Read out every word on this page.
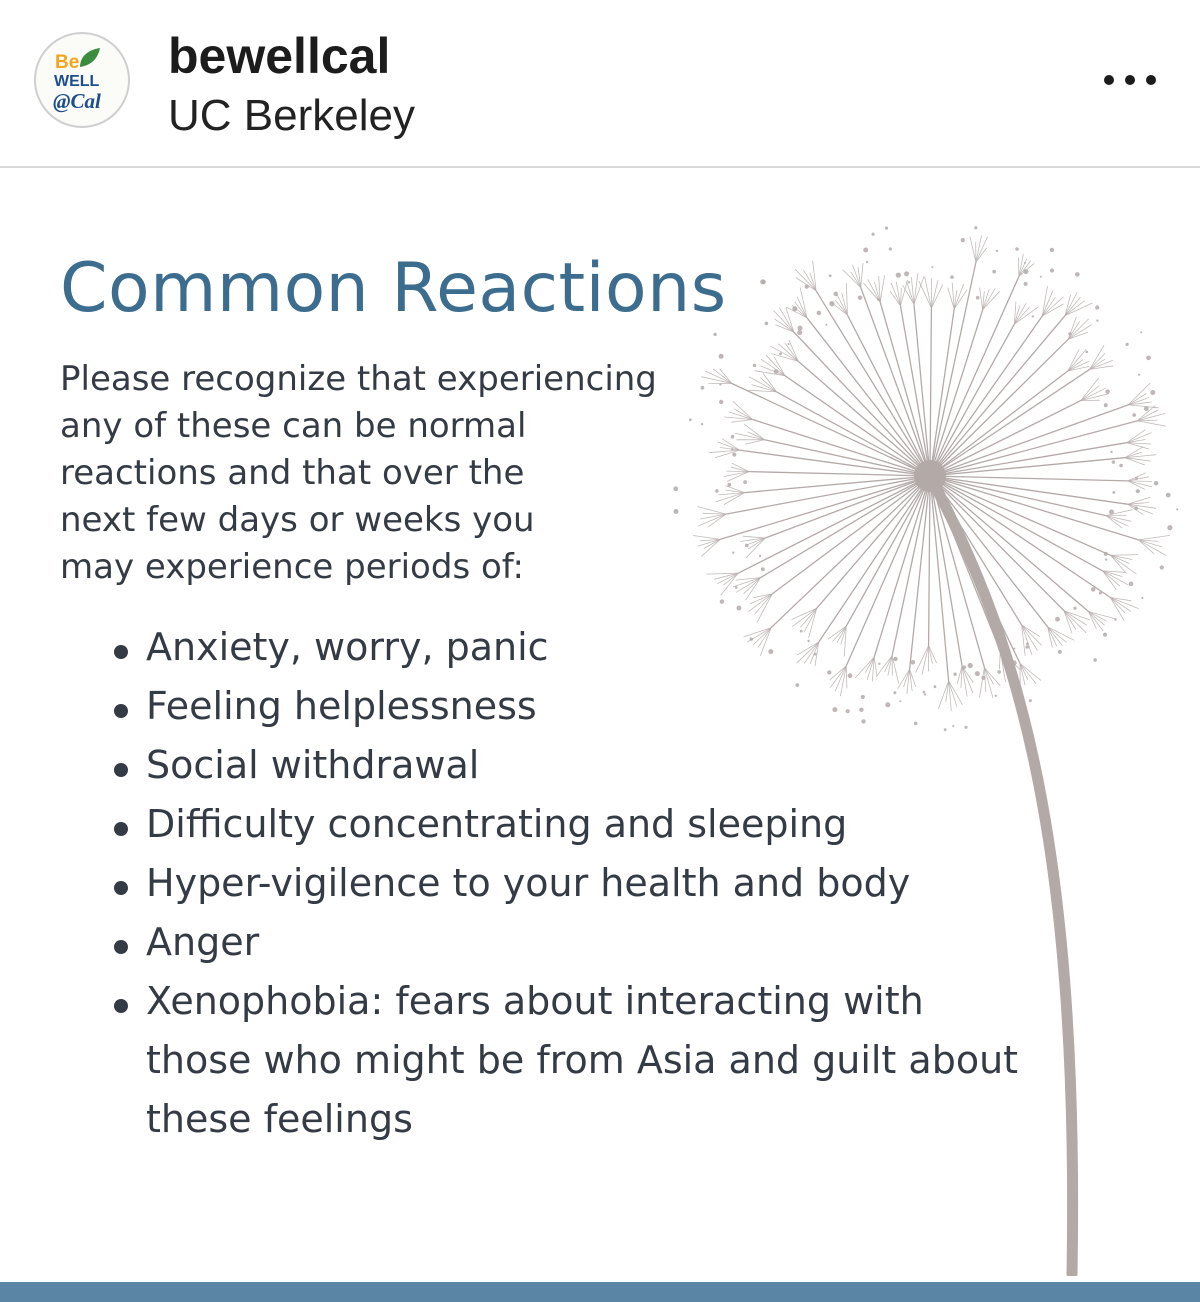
Be
WELL
@Cal
bewellcal
UC Berkeley
Common Reactions

Please recognize that experiencing
any of these can be normal
reactions and that over the
next few days or weeks you
may experience periods of:

Anxiety, worry, panic
Feeling helplessness
Social withdrawal
Difficulty concentrating and sleeping
Hyper-vigilence to your health and body
Anger
Xenophobia: fears about interacting with
those who might be from Asia and guilt about
these feelings
